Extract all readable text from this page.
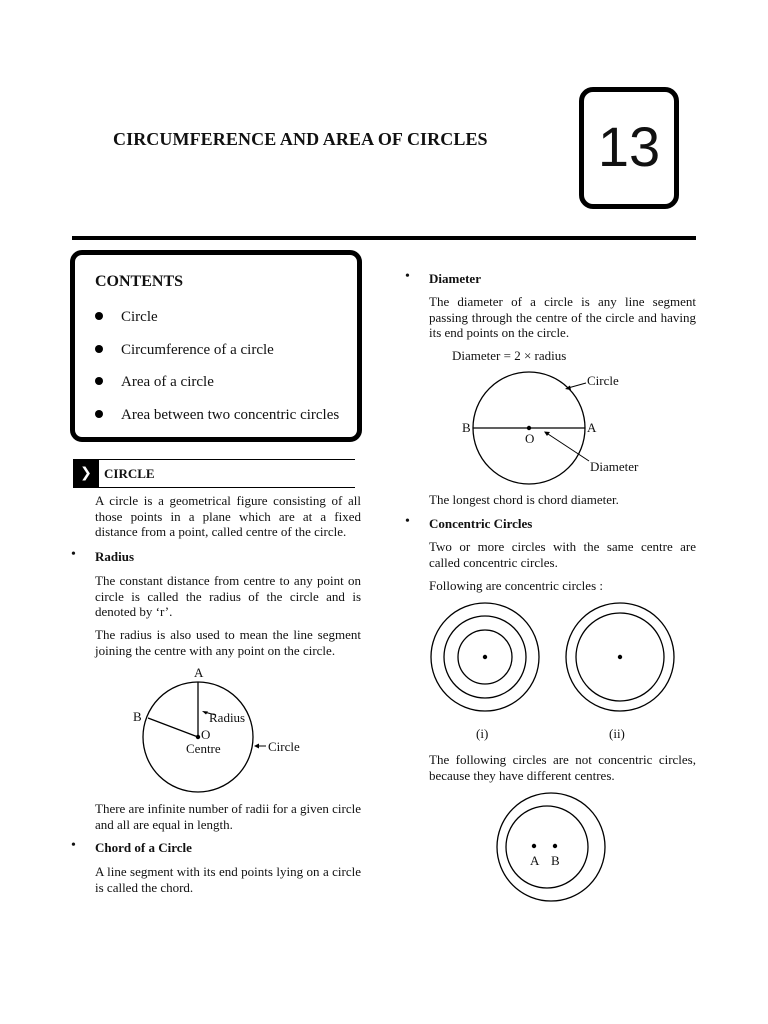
CIRCUMFERENCE AND AREA OF CIRCLES 13
CONTENTS
Circle
Circumference of a circle
Area of a circle
Area between two concentric circles
❯ CIRCLE
A circle is a geometrical figure consisting of all those points in a plane which are at a fixed distance from a point, called centre of the circle.
• Radius
The constant distance from centre to any point on circle is called the radius of the circle and is denoted by ‘r’.
The radius is also used to mean the line segment joining the centre with any point on the circle.
A
B
O
Radius
Centre	Circle
There are infinite number of radii for a given circle and all are equal in length.
• Chord of a Circle
A line segment with its end points lying on a circle is called the chord.
• Diameter
The diameter of a circle is any line segment passing through the centre of the circle and having its end points on the circle.
Diameter = 2 × radius
Circle
B	A
O
Diameter
The longest chord is chord diameter.
• Concentric Circles
Two or more circles with the same centre are called concentric circles.
Following are concentric circles :
(i)	(ii)
The following circles are not concentric circles, because they have different centres.
A B
